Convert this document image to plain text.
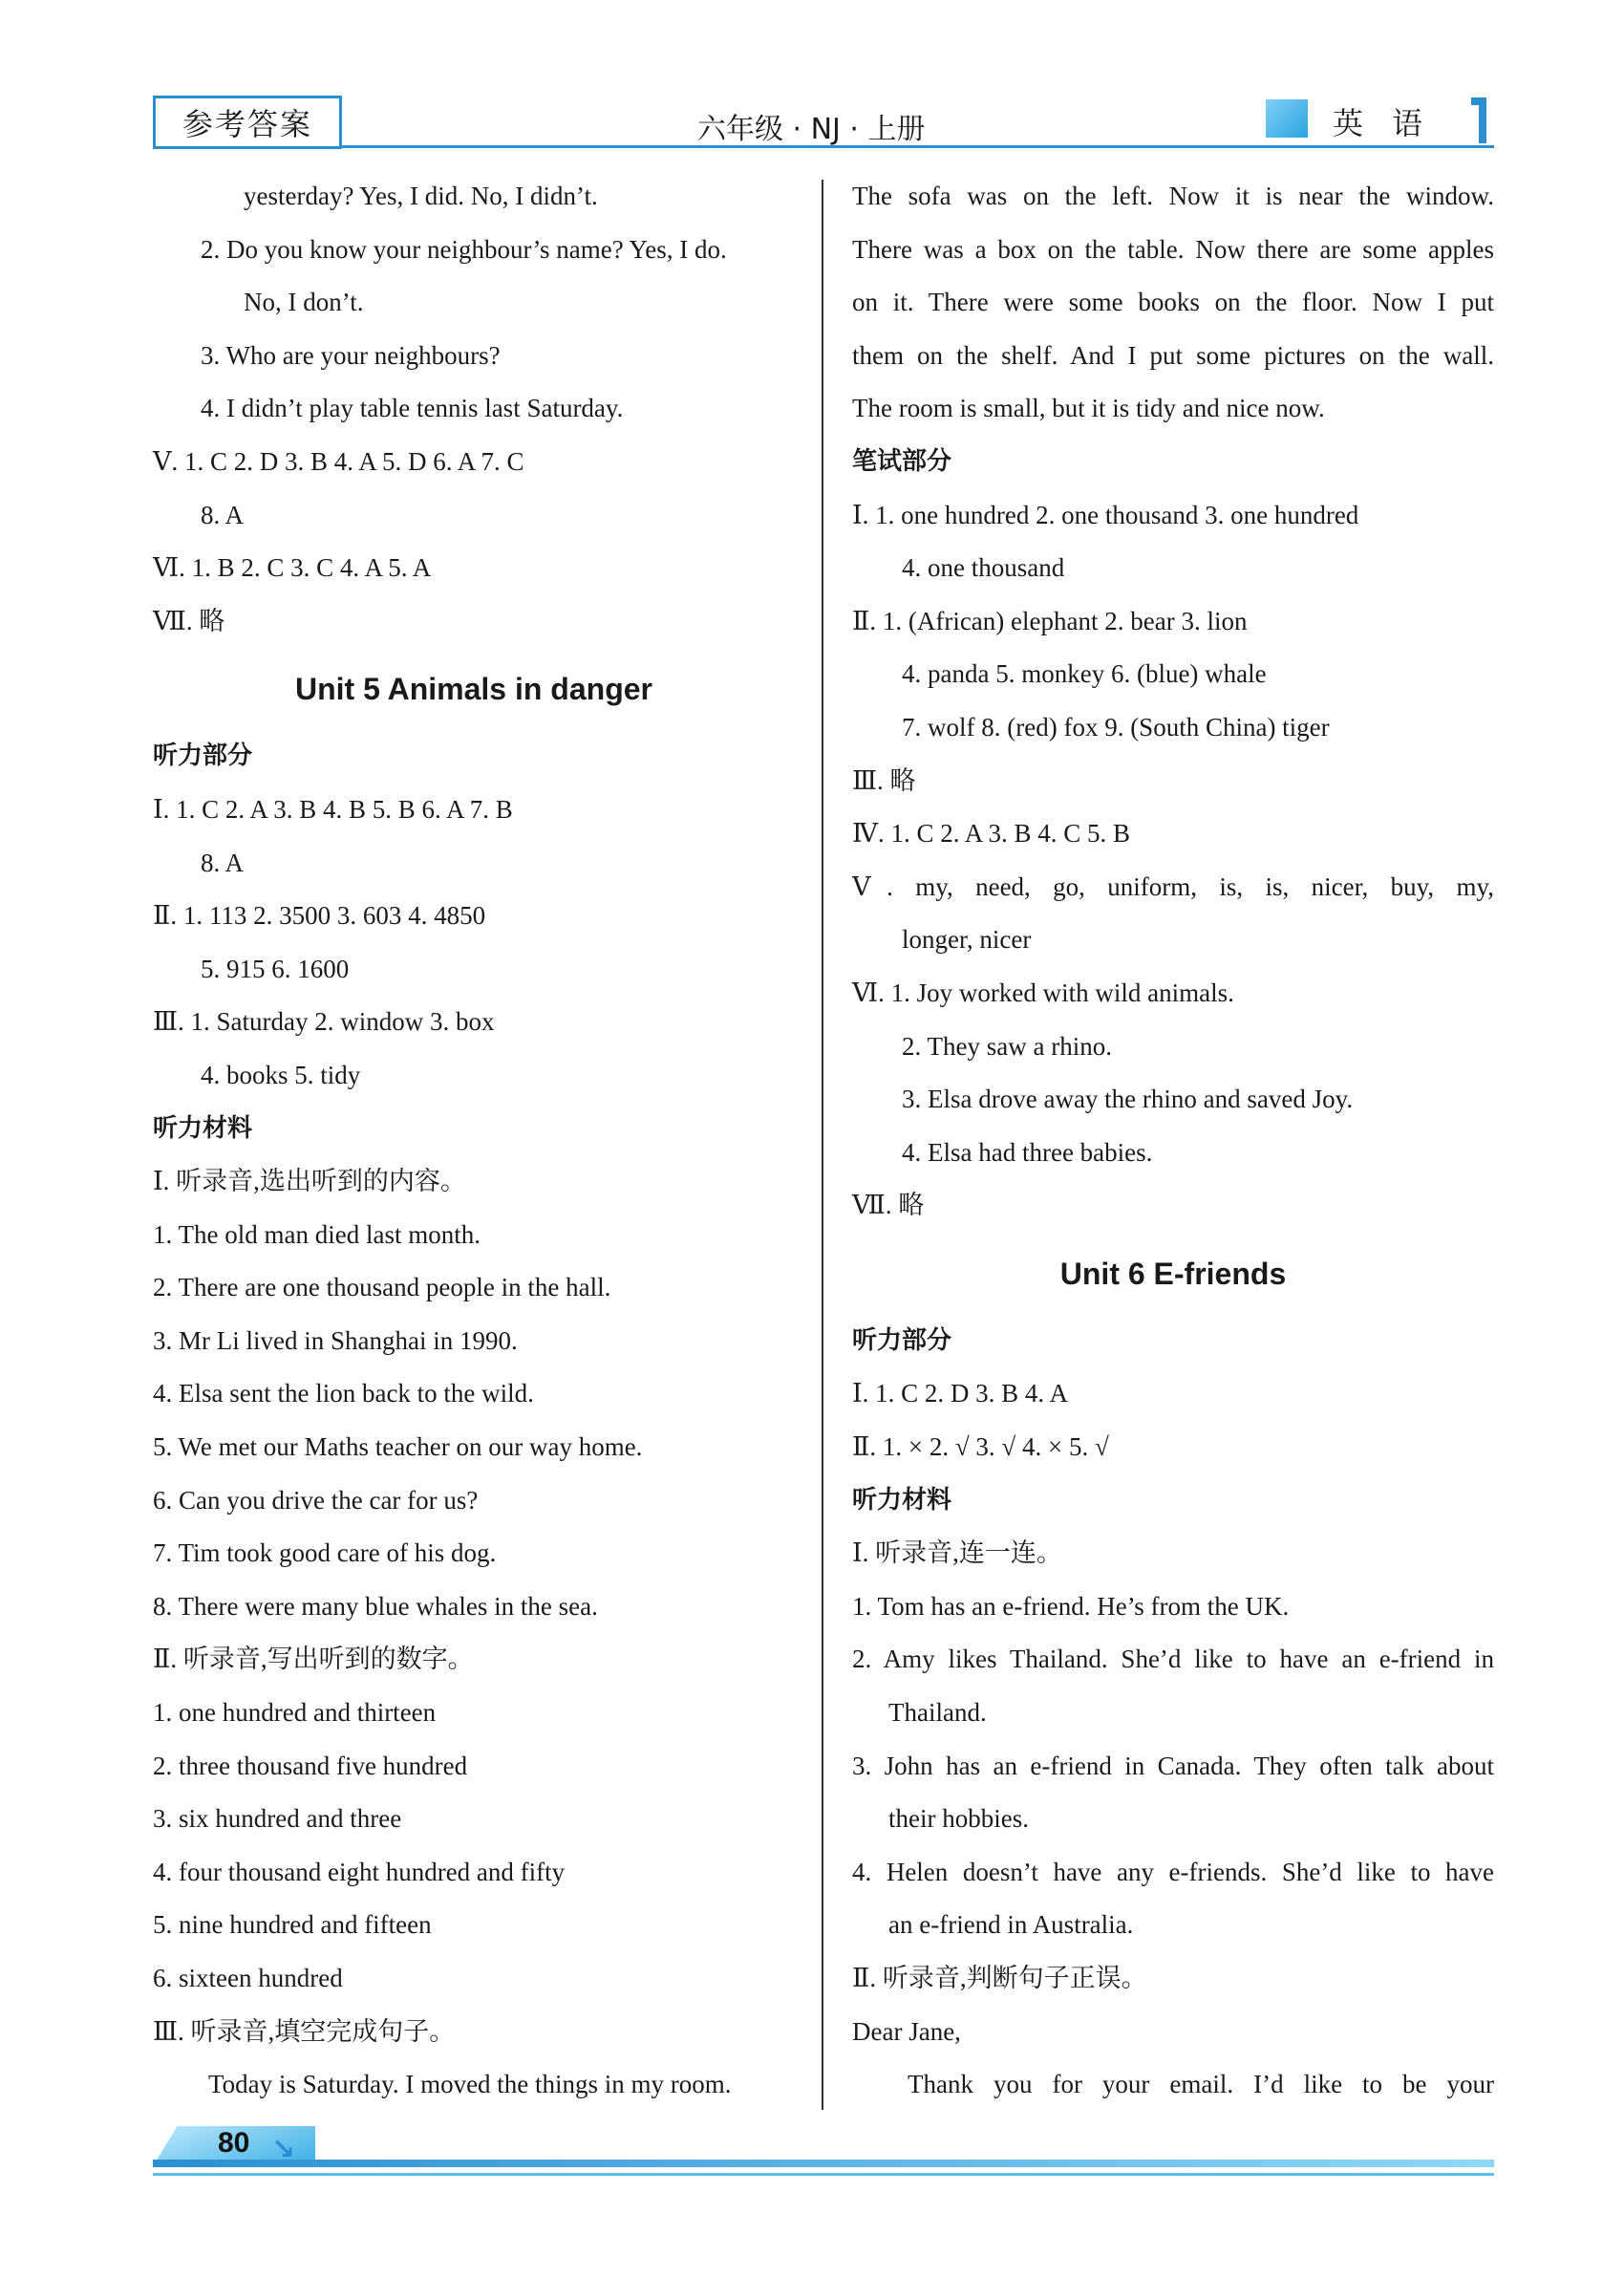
参考答案	六年级 · NJ · 上册	英语
yesterday? Yes, I did. No, I didn’t.
2. Do you know your neighbour’s name? Yes, I do.
No, I don’t.
3. Who are your neighbours?
4. I didn’t play table tennis last Saturday.
Ⅴ. 1. C 2. D 3. B 4. A 5. D 6. A 7. C
8. A
Ⅵ. 1. B 2. C 3. C 4. A 5. A
Ⅶ. 略
Unit 5 Animals in danger
听力部分
Ⅰ. 1. C 2. A 3. B 4. B 5. B 6. A 7. B
8. A
Ⅱ. 1. 113 2. 3500 3. 603 4. 4850
5. 915 6. 1600
Ⅲ. 1. Saturday 2. window 3. box
4. books 5. tidy
听力材料
Ⅰ. 听录音,选出听到的内容。
1. The old man died last month.
2. There are one thousand people in the hall.
3. Mr Li lived in Shanghai in 1990.
4. Elsa sent the lion back to the wild.
5. We met our Maths teacher on our way home.
6. Can you drive the car for us?
7. Tim took good care of his dog.
8. There were many blue whales in the sea.
Ⅱ. 听录音,写出听到的数字。
1. one hundred and thirteen
2. three thousand five hundred
3. six hundred and three
4. four thousand eight hundred and fifty
5. nine hundred and fifteen
6. sixteen hundred
Ⅲ. 听录音,填空完成句子。
Today is Saturday. I moved the things in my room.
The sofa was on the left. Now it is near the window.
There was a box on the table. Now there are some apples
on it. There were some books on the floor. Now I put
them on the shelf. And I put some pictures on the wall.
The room is small, but it is tidy and nice now.
笔试部分
Ⅰ. 1. one hundred 2. one thousand 3. one hundred
4. one thousand
Ⅱ. 1. (African) elephant 2. bear 3. lion
4. panda 5. monkey 6. (blue) whale
7. wolf 8. (red) fox 9. (South China) tiger
Ⅲ. 略
Ⅳ. 1. C 2. A 3. B 4. C 5. B
Ⅴ. my, need, go, uniform, is, is, nicer, buy, my,
longer, nicer
Ⅵ. 1. Joy worked with wild animals.
2. They saw a rhino.
3. Elsa drove away the rhino and saved Joy.
4. Elsa had three babies.
Ⅶ. 略
Unit 6 E-friends
听力部分
Ⅰ. 1. C 2. D 3. B 4. A
Ⅱ. 1. × 2. √ 3. √ 4. × 5. √
听力材料
Ⅰ. 听录音,连一连。
1. Tom has an e-friend. He’s from the UK.
2. Amy likes Thailand. She’d like to have an e-friend in
Thailand.
3. John has an e-friend in Canada. They often talk about
their hobbies.
4. Helen doesn’t have any e-friends. She’d like to have
an e-friend in Australia.
Ⅱ. 听录音,判断句子正误。
Dear Jane,
Thank you for your email. I’d like to be your
80 ↘
